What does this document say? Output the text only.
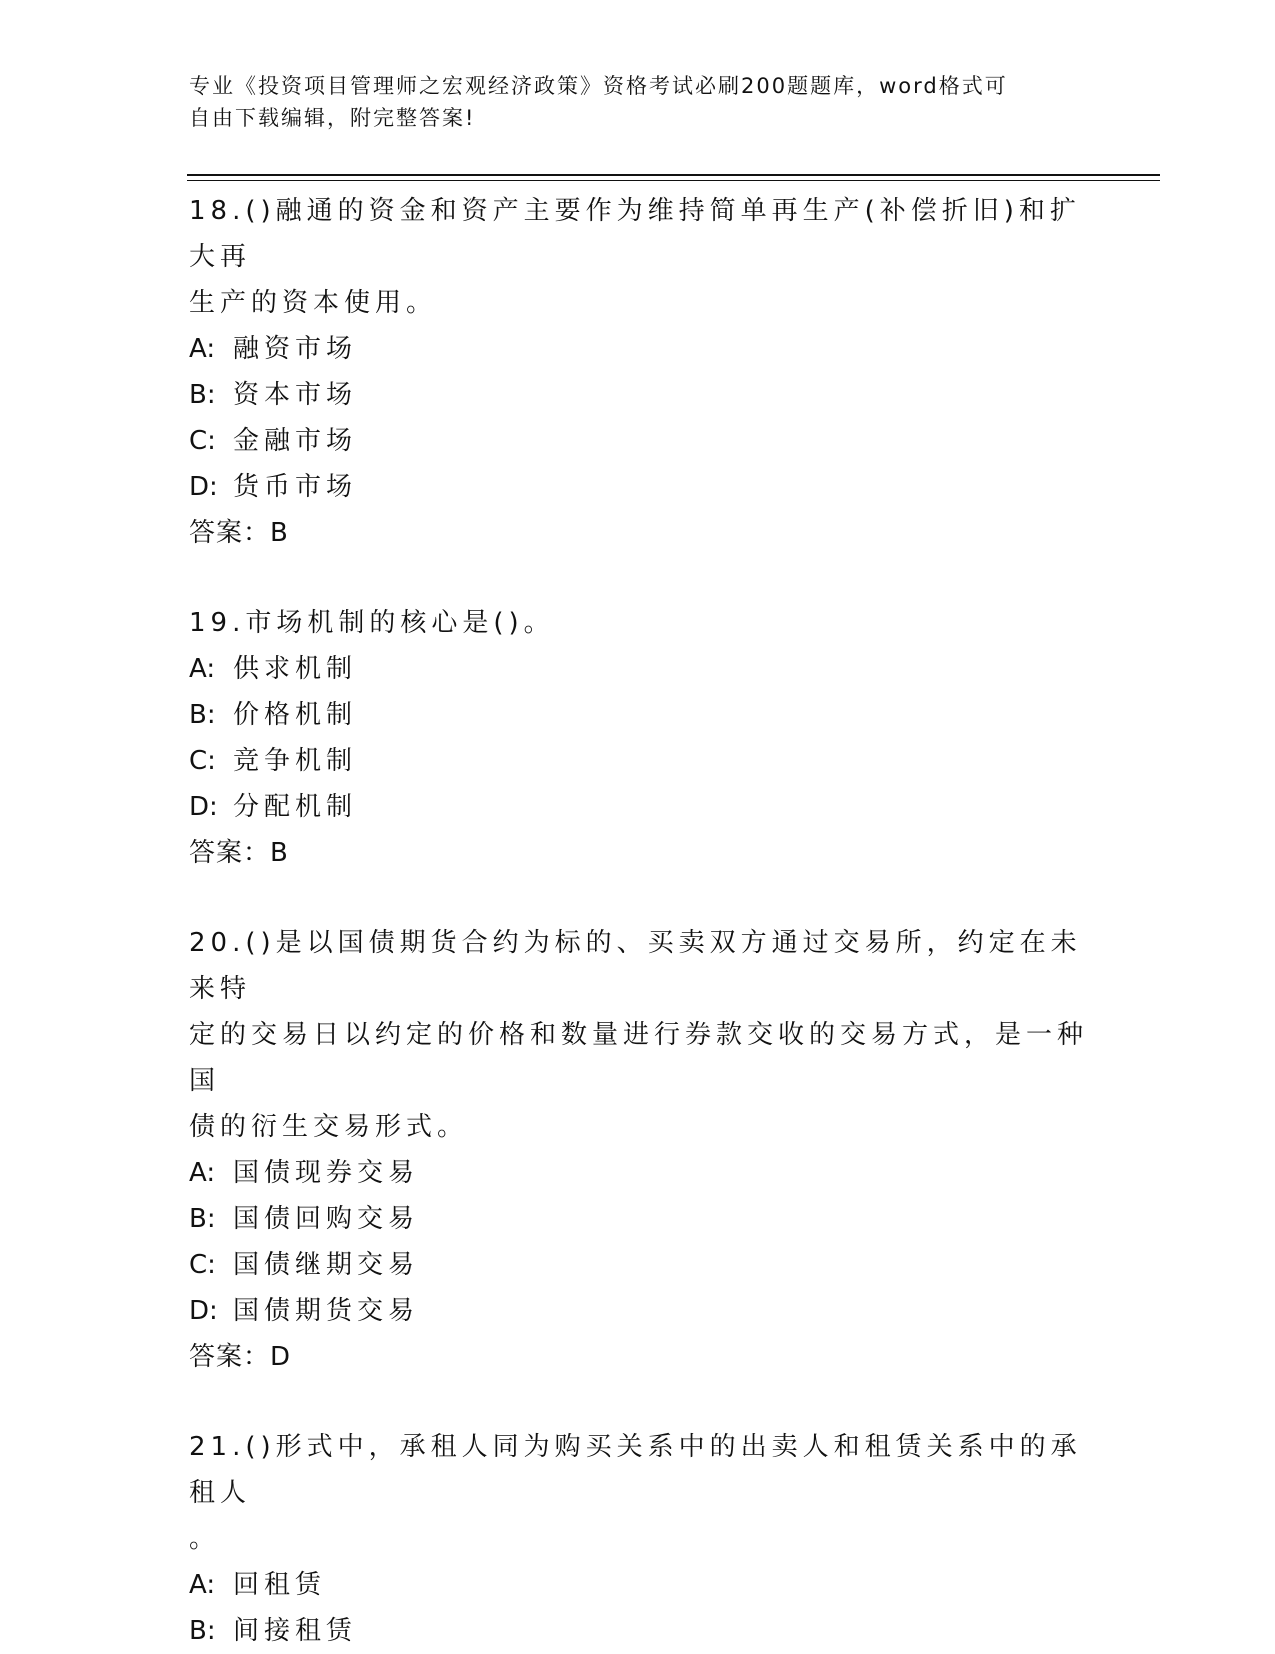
专业《投资项目管理师之宏观经济政策》资格考试必刷200题题库，word格式可
自由下载编辑，附完整答案!
18.()融通的资金和资产主要作为维持简单再生产(补偿折旧)和扩大再
生产的资本使用。
A: 融资市场
B: 资本市场
C: 金融市场
D: 货币市场
答案：B
19.市场机制的核心是()。
A: 供求机制
B: 价格机制
C: 竞争机制
D: 分配机制
答案：B
20.()是以国债期货合约为标的、买卖双方通过交易所，约定在未来特
定的交易日以约定的价格和数量进行券款交收的交易方式，是一种国
债的衍生交易形式。
A: 国债现券交易
B: 国债回购交易
C: 国债继期交易
D: 国债期货交易
答案：D
21.()形式中，承租人同为购买关系中的出卖人和租赁关系中的承租人
。
A: 回租赁
B: 间接租赁
